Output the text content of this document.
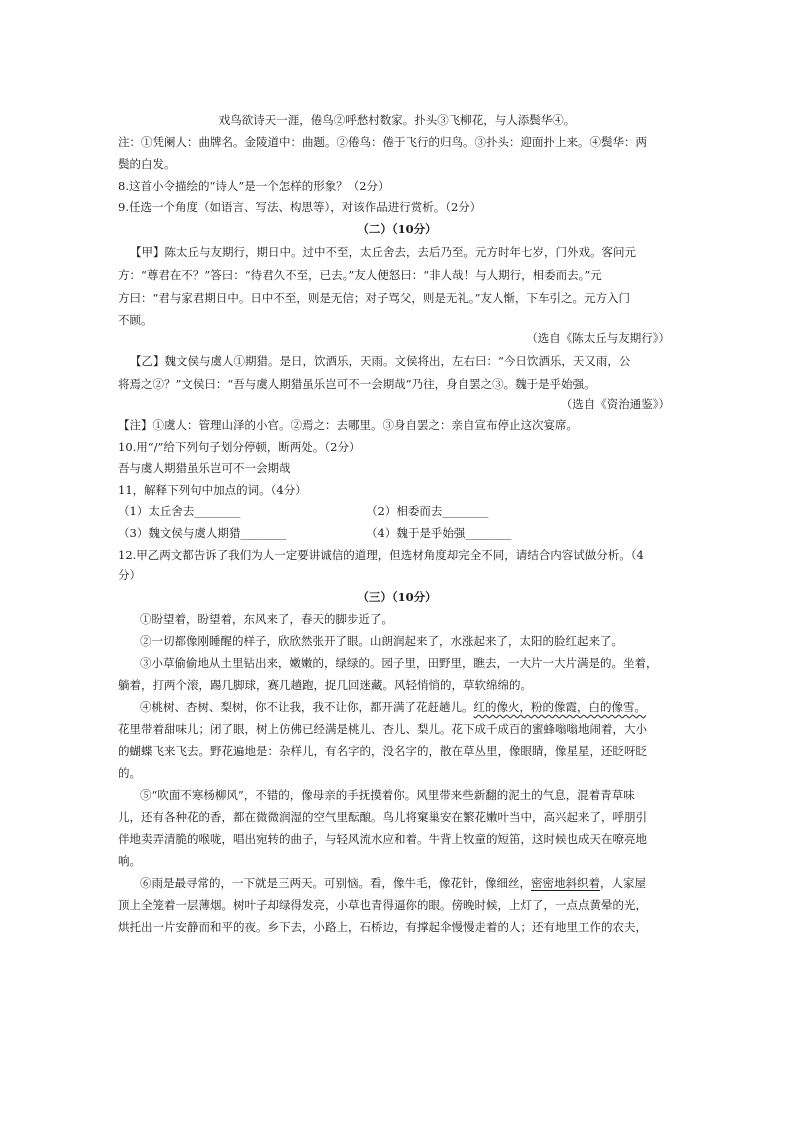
戏鸟欲诗天一涯，倦鸟②呼愁村数家。扑头③飞柳花，与人添鬓华④。
注：①凭阑人：曲牌名。金陵道中：曲题。②倦鸟：倦于飞行的归鸟。③扑头：迎面扑上来。④鬓华：两
鬓的白发。
8.这首小令描绘的“诗人”是一个怎样的形象？（2分）
9.任选一个角度（如语言、写法、构思等），对该作品进行赏析。（2分）
（二）（10分）
【甲】陈太丘与友期行，期日中。过中不至，太丘舍去，去后乃至。元方时年七岁，门外戏。客问元
方：“尊君在不？”答曰：“待君久不至，已去。”友人便怒曰：“非人哉！与人期行，相委而去。”元
方曰：“君与家君期日中。日中不至，则是无信；对子骂父，则是无礼。”友人惭，下车引之。元方入门
不顾。
（选自《陈太丘与友期行》）
【乙】魏文侯与虞人①期猎。是日，饮酒乐，天雨。文侯将出，左右曰：“今日饮酒乐，天又雨，公
将焉之②？”文侯曰：“吾与虞人期猎虽乐岂可不一会期哉”乃往，身自罢之③。魏于是乎始强。
（选自《资治通鉴》）
【注】①虞人：管理山泽的小官。②焉之：去哪里。③身自罢之：亲自宣布停止这次宴席。
10.用“/”给下列句子划分停顿，断两处。（2分）
吾与虞人期猎虽乐岂可不一会期哉
11，解释下列句中加点的词。（4分）
（1）太丘舍去________	（2）相委而去________
（3）魏文侯与虞人期猎________	（4）魏于是乎始强________
12.甲乙两文都告诉了我们为人一定要讲诚信的道理，但选材角度却完全不同，请结合内容试做分析。（4
分）
（三）（10分）
①盼望着，盼望着，东风来了，春天的脚步近了。
②一切都像刚睡醒的样子，欣欣然张开了眼。山朗润起来了，水涨起来了，太阳的脸红起来了。
③小草偷偷地从土里钻出来，嫩嫩的，绿绿的。园子里，田野里，瞧去，一大片一大片满是的。坐着，
躺着，打两个滚，踢几脚球，赛几趟跑，捉几回迷藏。风轻悄悄的，草软绵绵的。
④桃树、杏树、梨树，你不让我，我不让你，都开满了花赶趟儿。红的像火，粉的像霞，白的像雪。
花里带着甜味儿；闭了眼，树上仿佛已经满是桃儿、杏儿、梨儿。花下成千成百的蜜蜂嗡嗡地闹着，大小
的蝴蝶飞来飞去。野花遍地是：杂样儿，有名字的，没名字的，散在草丛里，像眼睛，像星星，还眨呀眨
的。
⑤“吹面不寒杨柳风”，不错的，像母亲的手抚摸着你。风里带来些新翻的泥土的气息，混着青草味
儿，还有各种花的香，都在微微润湿的空气里酝酿。鸟儿将窠巢安在繁花嫩叶当中，高兴起来了，呼朋引
伴地卖弄清脆的喉咙，唱出宛转的曲子，与轻风流水应和着。牛背上牧童的短笛，这时候也成天在嘹亮地
响。
⑥雨是最寻常的，一下就是三两天。可别恼。看，像牛毛，像花针，像细丝，密密地斜织着，人家屋
顶上全笼着一层薄烟。树叶子却绿得发亮，小草也青得逼你的眼。傍晚时候，上灯了，一点点黄晕的光，
烘托出一片安静而和平的夜。乡下去，小路上，石桥边，有撑起伞慢慢走着的人；还有地里工作的农夫，
